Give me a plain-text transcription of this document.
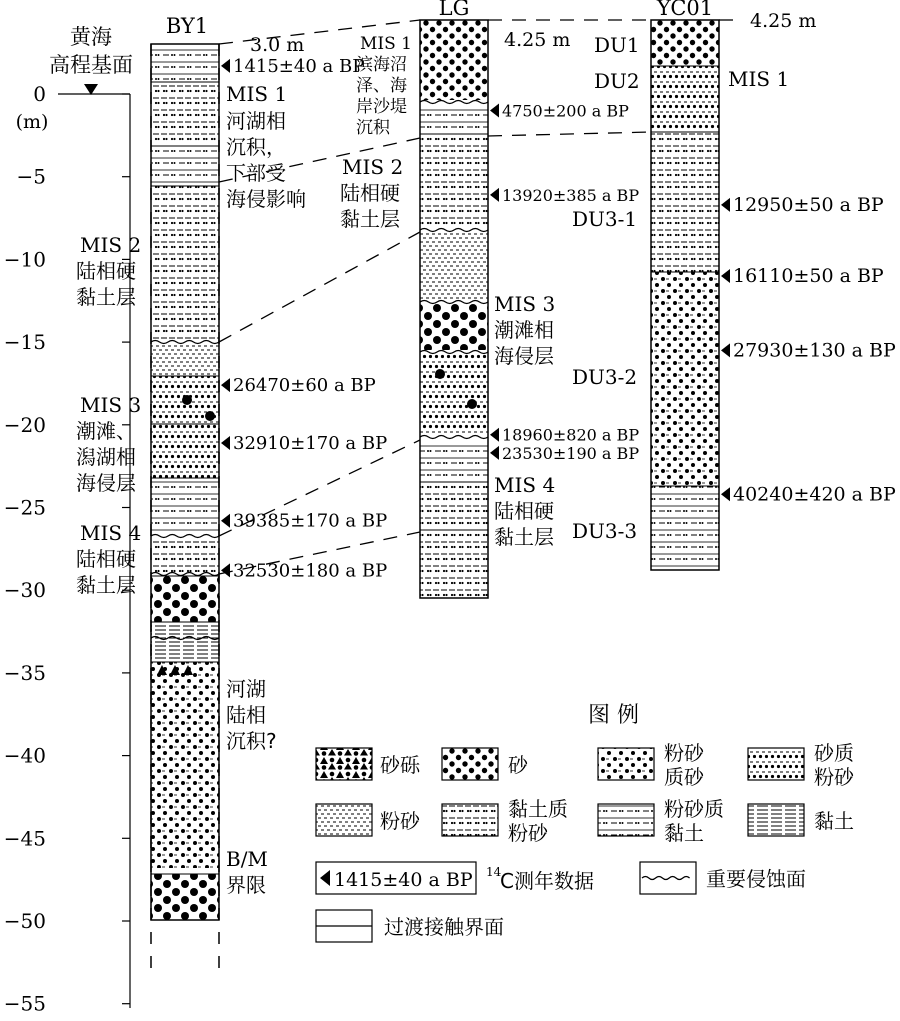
黄海
高程基面
(m)
0
−5
−10
−15
−20
−25
−30
−35
−40
−45
−50
−55
BY1
LG	YC01
3.0 m	4.25 m
4.25 m
MIS 1
河湖相
沉积，
下部受
海侵影响
MIS 2
陆相硬
黏土层
MIS 3
潮滩、
潟湖相
海侵层
MIS 4
陆相硬
黏土层
河湖
陆相
沉积?
B/M
界限
MIS 1
滨海沼
泽、海
岸沙堤
沉积
MIS 2
陆相硬
黏土层
MIS 3
潮滩相
海侵层
MIS 4
陆相硬
黏土层
DU1
DU2
DU3-1
DU3-2
DU3-3
MIS 1
1415±40 a BP
26470±60 a BP
32910±170 a BP
39385±170 a BP
32530±180 a BP
4750±200 a BP
13920±385 a BP
18960±820 a BP
23530±190 a BP
12950±50 a BP
16110±50 a BP
27930±130 a BP
40240±420 a BP
图 例
砂砾	砂	粉砂
质砂
砂质
粉砂
粉砂	黏土质
粉砂
粉砂质
黏土	黏土
1415±40 a BP 14
C测年数据	重要侵蚀面
过渡接触界面
